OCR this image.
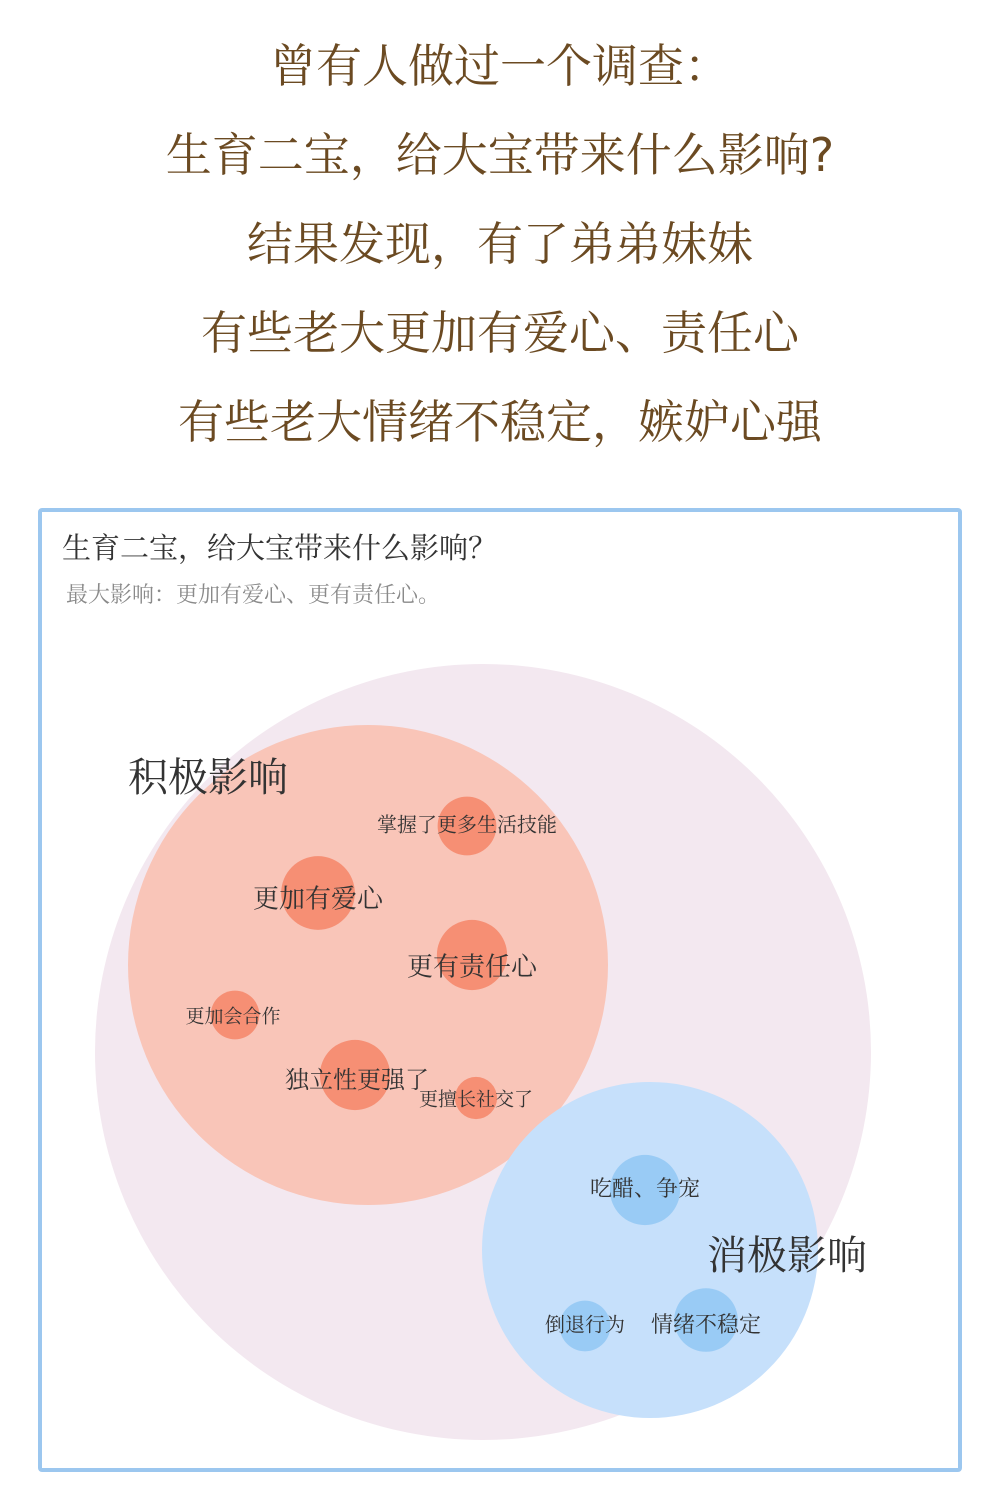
曾有人做过一个调查：
生育二宝，给大宝带来什么影响?
结果发现，有了弟弟妹妹
有些老大更加有爱心、责任心
有些老大情绪不稳定，嫉妒心强
生育二宝，给大宝带来什么影响？
最大影响：更加有爱心、更有责任心。
积极影响
掌握了更多生活技能
更加有爱心
更有责任心
更加会合作
独立性更强了
更擅长社交了
消极影响
吃醋、争宠
倒退行为 情绪不稳定
